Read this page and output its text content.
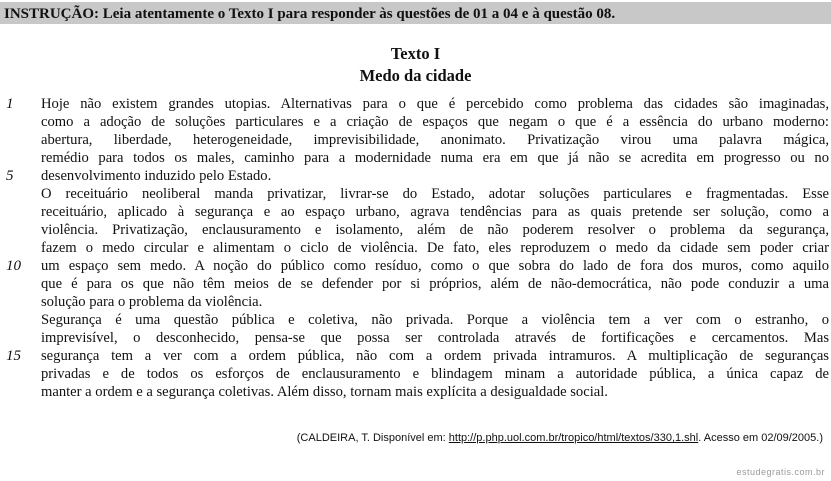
INSTRUÇÃO: Leia atentamente o Texto I para responder às questões de 01 a 04 e à questão 08.
Texto I
Medo da cidade
1
5
10
15
Hoje não existem grandes utopias. Alternativas para o que é percebido como problema das cidades são imaginadas,
como a adoção de soluções particulares e a criação de espaços que negam o que é a essência do urbano moderno:
abertura, liberdade, heterogeneidade, imprevisibilidade, anonimato. Privatização virou uma palavra mágica,
remédio para todos os males, caminho para a modernidade numa era em que já não se acredita em progresso ou no
desenvolvimento induzido pelo Estado.
O receituário neoliberal manda privatizar, livrar-se do Estado, adotar soluções particulares e fragmentadas. Esse
receituário, aplicado à segurança e ao espaço urbano, agrava tendências para as quais pretende ser solução, como a
violência. Privatização, enclausuramento e isolamento, além de não poderem resolver o problema da segurança,
fazem o medo circular e alimentam o ciclo de violência. De fato, eles reproduzem o medo da cidade sem poder criar
um espaço sem medo. A noção do público como resíduo, como o que sobra do lado de fora dos muros, como aquilo
que é para os que não têm meios de se defender por si próprios, além de não-democrática, não pode conduzir a uma
solução para o problema da violência.
Segurança é uma questão pública e coletiva, não privada. Porque a violência tem a ver com o estranho, o
imprevisível, o desconhecido, pensa-se que possa ser controlada através de fortificações e cercamentos. Mas
segurança tem a ver com a ordem pública, não com a ordem privada intramuros. A multiplicação de seguranças
privadas e de todos os esforços de enclausuramento e blindagem minam a autoridade pública, a única capaz de
manter a ordem e a segurança coletivas. Além disso, tornam mais explícita a desigualdade social.
(CALDEIRA, T. Disponível em: http://p.php.uol.com.br/tropico/html/textos/330,1.shl. Acesso em 02/09/2005.)
estudegratis.com.br
